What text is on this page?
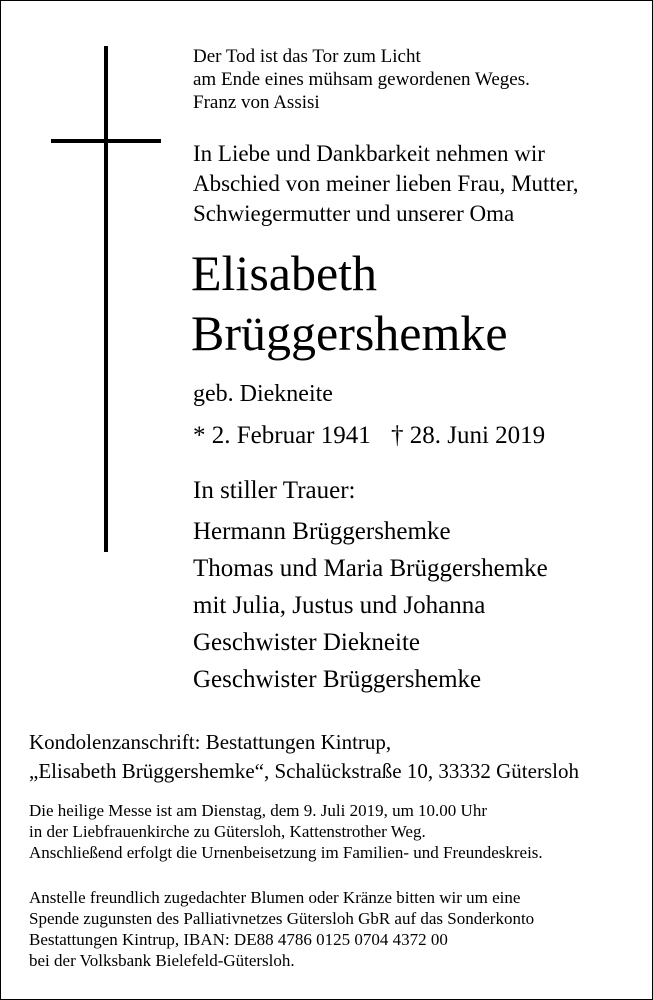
Der Tod ist das Tor zum Licht
am Ende eines mühsam gewordenen Weges.
Franz von Assisi
In Liebe und Dankbarkeit nehmen wir
Abschied von meiner lieben Frau, Mutter,
Schwiegermutter und unserer Oma
Elisabeth
Brüggershemke
geb. Diekneite
* 2. Februar 1941 † 28. Juni 2019
In stiller Trauer:
Hermann Brüggershemke
Thomas und Maria Brüggershemke
mit Julia, Justus und Johanna
Geschwister Diekneite
Geschwister Brüggershemke
Kondolenzanschrift: Bestattungen Kintrup,
„Elisabeth Brüggershemke“, Schalückstraße 10, 33332 Gütersloh
Die heilige Messe ist am Dienstag, dem 9. Juli 2019, um 10.00 Uhr
in der Liebfrauenkirche zu Gütersloh, Kattenstrother Weg.
Anschließend erfolgt die Urnenbeisetzung im Familien- und Freundeskreis.
Anstelle freundlich zugedachter Blumen oder Kränze bitten wir um eine
Spende zugunsten des Palliativnetzes Gütersloh GbR auf das Sonderkonto
Bestattungen Kintrup, IBAN: DE88 4786 0125 0704 4372 00
bei der Volksbank Bielefeld-Gütersloh.
